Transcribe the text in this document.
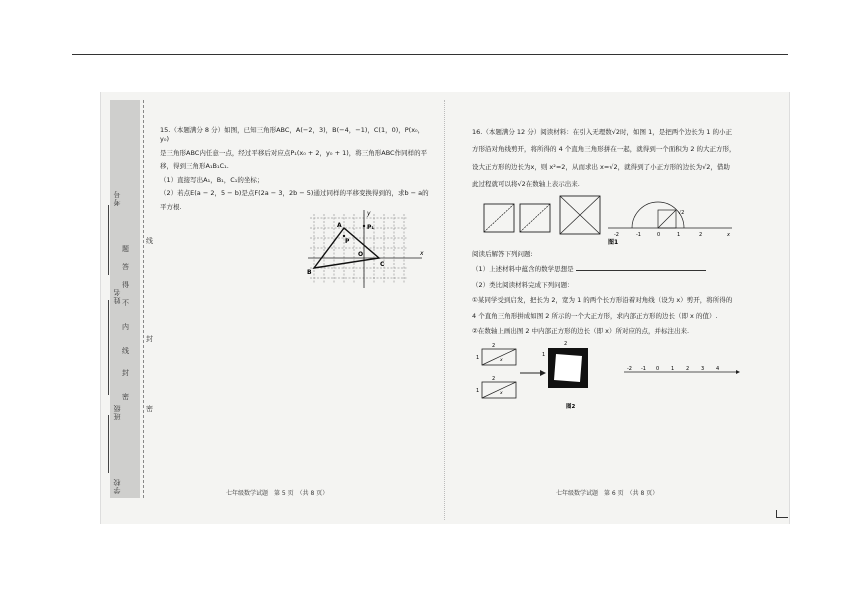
考号
姓名
班级
学校
题
答
得
不
内
线
封
密
线
封
密
15.（本题满分 8 分）如图，已知三角形ABC，A(−2，3)，B(−4，−1)，C(1，0)，P(x₀，y₀)
是三角形ABC内任意一点，经过平移后对应点P₁(x₀ + 2，y₀ + 1)，将三角形ABC作同样的平
移，得到三角形A₁B₁C₁.
（1）直接写出A₁，B₁，C₁的坐标；
（2）若点E(a − 2，5 − b)是点F(2a − 3，2b − 5)通过同样的平移变换得到的，求b − a的
平方根.
A
B
C
P
P₁
O	x
y
七年级数学试题　第 5 页　（共 8 页）
16.（本题满分 12 分）阅读材料：在引入无理数√2时，如图 1，是把两个边长为 1 的小正
方形沿对角线剪开，将所得的 4 个直角三角形拼在一起，就得到一个面积为 2 的大正方形，
设大正方形的边长为x，则 x²=2，从而求出 x=√2，就得到了小正方形的边长为√2，借助
此过程就可以将√2在数轴上表示出来.
√2
-2	-1	0	1	2	x
图1
阅读后解答下列问题:
（1）上述材料中蕴含的数学思想是
（2）类比阅读材料完成下列问题：
①某同学受到启发，把长为 2，宽为 1 的两个长方形沿着对角线（设为 x）剪开，将所得的
4 个直角三角形拼成如图 2 所示的一个大正方形，求内部正方形的边长（即 x 的值）.
②在数轴上画出图 2 中内部正方形的边长（即 x）所对应的点，并标注出来.
2
1	x
2
1	x
2
1
-2 -1 0 1 2 3 4
图2
七年级数学试题　第 6 页　（共 8 页）
